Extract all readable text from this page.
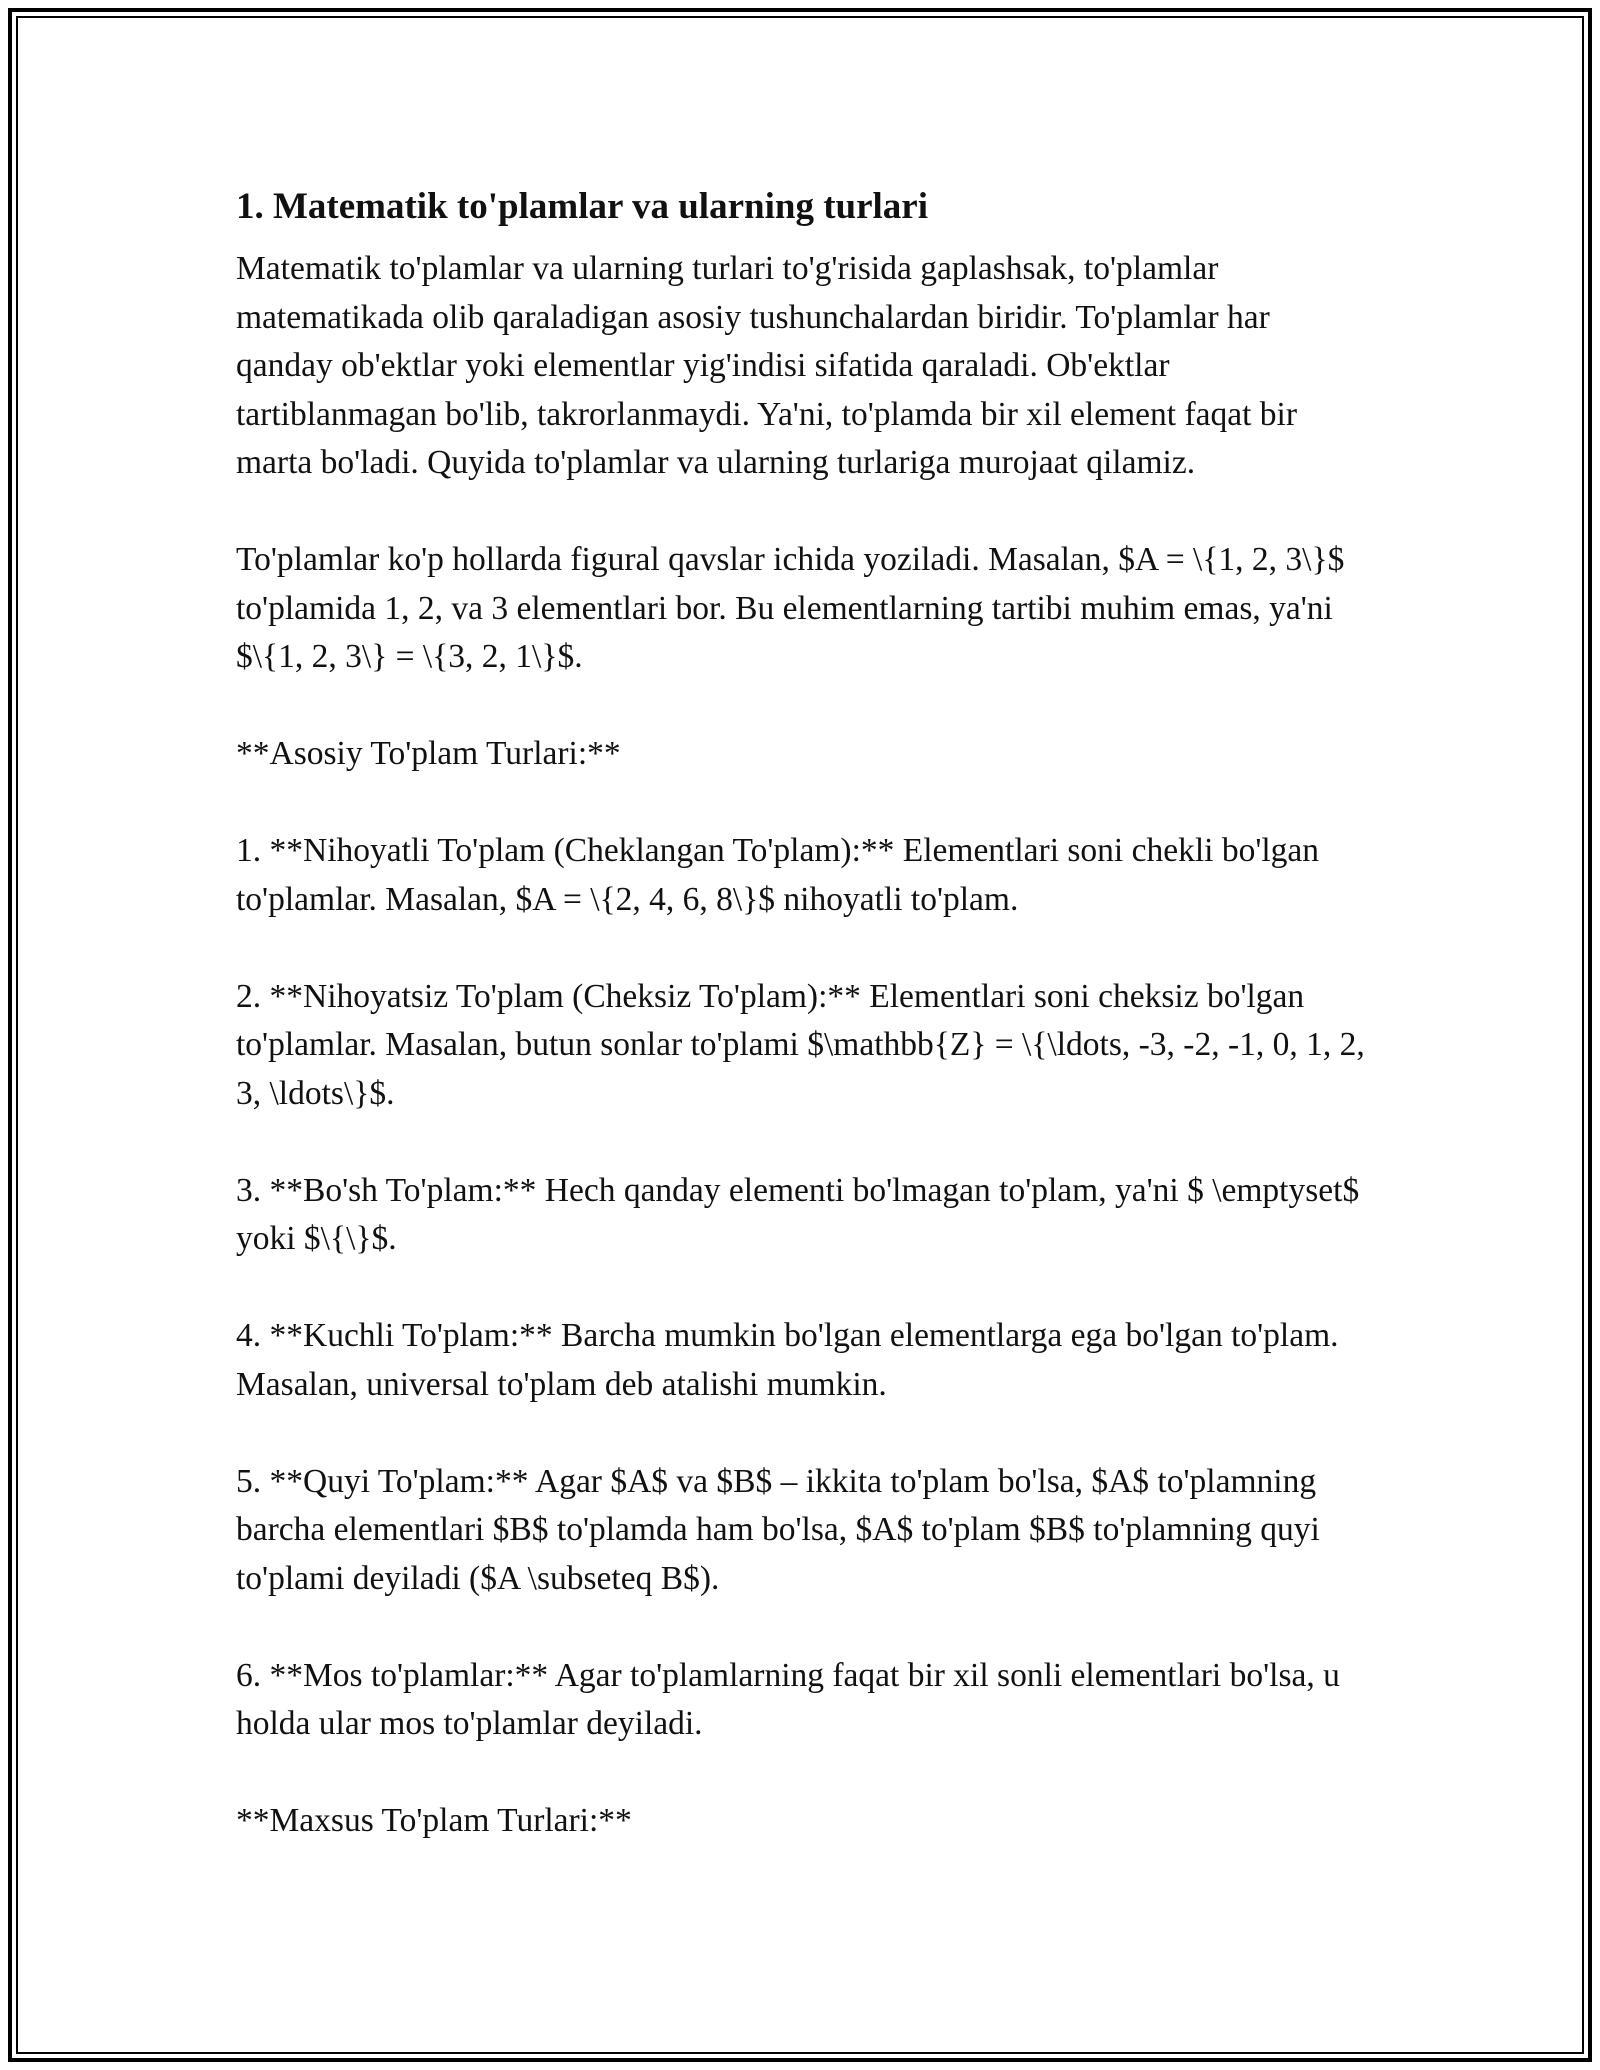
1. Matematik to'plamlar va ularning turlari

Matematik to'plamlar va ularning turlari to'g'risida gaplashsak, to'plamlar matematikada olib qaraladigan asosiy tushunchalardan biridir. To'plamlar har qanday ob'ektlar yoki elementlar yig'indisi sifatida qaraladi. Ob'ektlar tartiblanmagan bo'lib, takrorlanmaydi. Ya'ni, to'plamda bir xil element faqat bir marta bo'ladi. Quyida to'plamlar va ularning turlariga murojaat qilamiz.

To'plamlar ko'p hollarda figural qavslar ichida yoziladi. Masalan, $A = \{1, 2, 3\}$ to'plamida 1, 2, va 3 elementlari bor. Bu elementlarning tartibi muhim emas, ya'ni $\{1, 2, 3\} = \{3, 2, 1\}$.

**Asosiy To'plam Turlari:**

1. **Nihoyatli To'plam (Cheklangan To'plam):** Elementlari soni chekli bo'lgan to'plamlar. Masalan, $A = \{2, 4, 6, 8\}$ nihoyatli to'plam.

2. **Nihoyatsiz To'plam (Cheksiz To'plam):** Elementlari soni cheksiz bo'lgan to'plamlar. Masalan, butun sonlar to'plami $\mathbb{Z} = \{\ldots, -3, -2, -1, 0, 1, 2, 3, \ldots\}$.

3. **Bo'sh To'plam:** Hech qanday elementi bo'lmagan to'plam, ya'ni $ \emptyset$ yoki $\{\}$.

4. **Kuchli To'plam:** Barcha mumkin bo'lgan elementlarga ega bo'lgan to'plam. Masalan, universal to'plam deb atalishi mumkin.

5. **Quyi To'plam:** Agar $A$ va $B$ – ikkita to'plam bo'lsa, $A$ to'plamning barcha elementlari $B$ to'plamda ham bo'lsa, $A$ to'plam $B$ to'plamning quyi to'plami deyiladi ($A \subseteq B$).

6. **Mos to'plamlar:** Agar to'plamlarning faqat bir xil sonli elementlari bo'lsa, u holda ular mos to'plamlar deyiladi.

**Maxsus To'plam Turlari:**
